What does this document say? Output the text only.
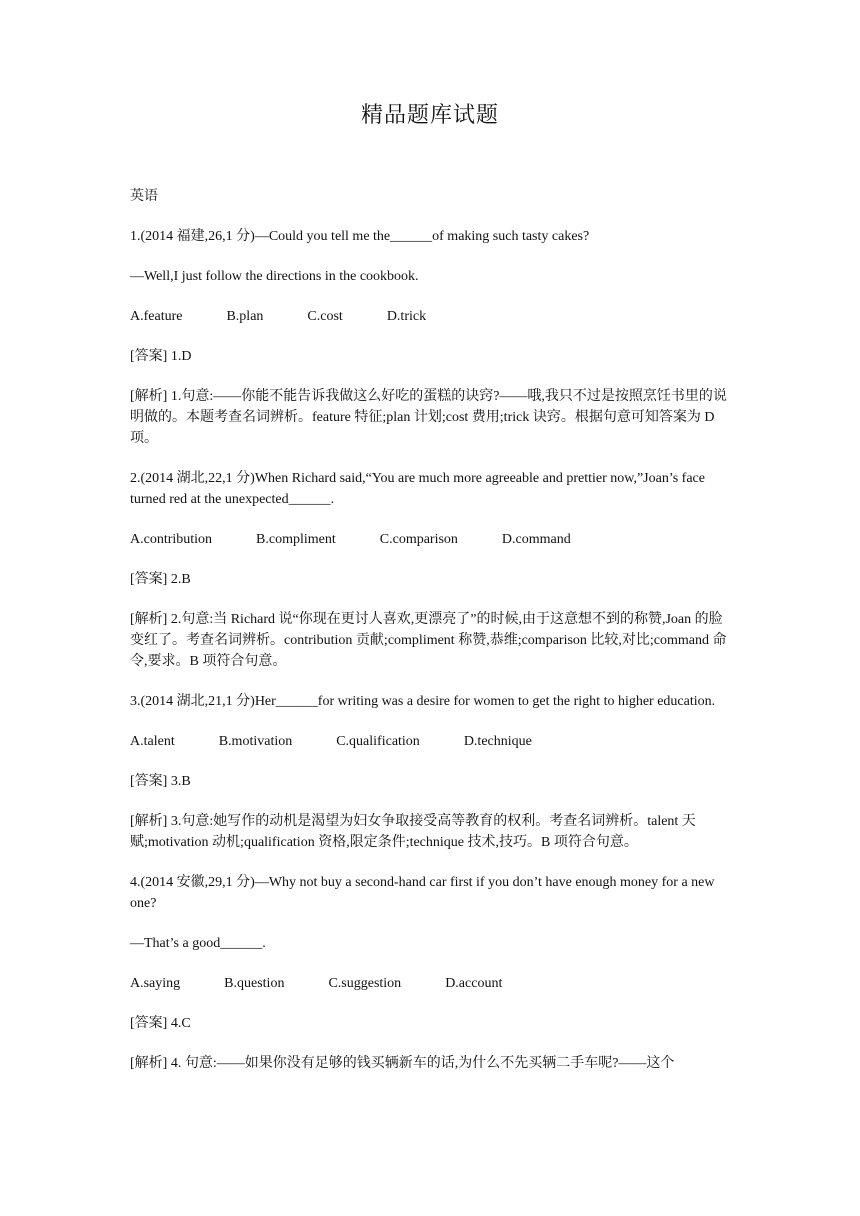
精品题库试题

英语

1.(2014 福建,26,1 分)—Could you tell me the______of making such tasty cakes?

—Well,I just follow the directions in the cookbook.

A.feature	B.plan	C.cost	D.trick

[答案] 1.D

[解析] 1.句意:——你能不能告诉我做这么好吃的蛋糕的诀窍?——哦,我只不过是按照烹饪书里的说明做的。本题考查名词辨析。feature 特征;plan 计划;cost 费用;trick 诀窍。根据句意可知答案为 D 项。

2.(2014 湖北,22,1 分)When Richard said,“You are much more agreeable and prettier now,”Joan’s face turned red at the unexpected______.

A.contribution	B.compliment	C.comparison	D.command

[答案] 2.B

[解析] 2.句意:当 Richard 说“你现在更讨人喜欢,更漂亮了”的时候,由于这意想不到的称赞,Joan 的脸变红了。考查名词辨析。contribution 贡献;compliment 称赞,恭维;comparison 比较,对比;command 命令,要求。B 项符合句意。

3.(2014 湖北,21,1 分)Her______for writing was a desire for women to get the right to higher education.

A.talent	B.motivation	C.qualification	D.technique

[答案] 3.B

[解析] 3.句意:她写作的动机是渴望为妇女争取接受高等教育的权利。考查名词辨析。talent 天赋;motivation 动机;qualification 资格,限定条件;technique 技术,技巧。B 项符合句意。

4.(2014 安徽,29,1 分)—Why not buy a second-hand car first if you don’t have enough money for a new one?

—That’s a good______.

A.saying	B.question	C.suggestion	D.account

[答案] 4.C

[解析] 4. 句意:——如果你没有足够的钱买辆新车的话,为什么不先买辆二手车呢?——这个
